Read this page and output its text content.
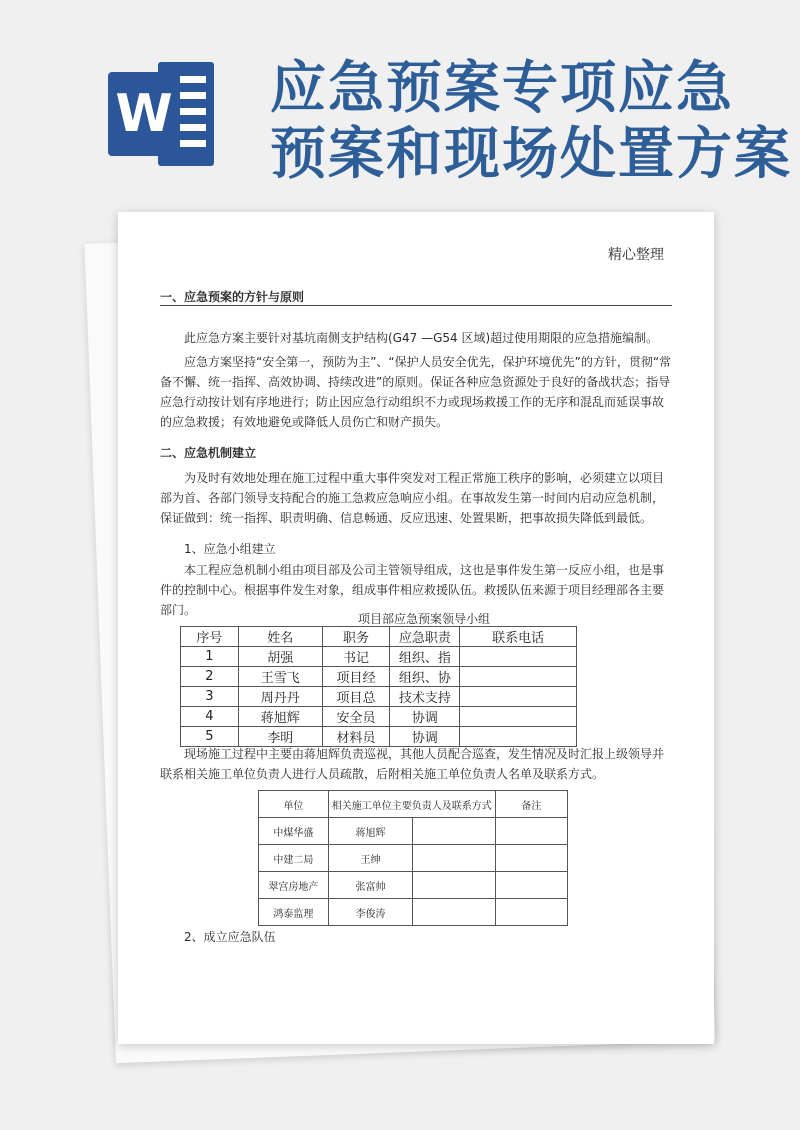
W 应急预案专项应急
预案和现场处置方案
精心整理
一、应急预案的方针与原则
此应急方案主要针对基坑南侧支护结构(G47 —G54 区域)超过使用期限的应急措施编制。
应急方案坚持“安全第一，预防为主”、“保护人员安全优先，保护环境优先”的方针，贯彻“常备不懈、统一指挥、高效协调、持续改进”的原则。保证各种应急资源处于良好的备战状态；指导应急行动按计划有序地进行；防止因应急行动组织不力或现场救援工作的无序和混乱而延误事故的应急救援；有效地避免或降低人员伤亡和财产损失。
二、应急机制建立
为及时有效地处理在施工过程中重大事件突发对工程正常施工秩序的影响，必须建立以项目部为首、各部门领导支持配合的施工急救应急响应小组。在事故发生第一时间内启动应急机制，保证做到：统一指挥、职责明确、信息畅通、反应迅速、处置果断，把事故损失降低到最低。
1、应急小组建立
本工程应急机制小组由项目部及公司主管领导组成，这也是事件发生第一反应小组，也是事件的控制中心。根据事件发生对象，组成事件相应救援队伍。救援队伍来源于项目经理部各主要部门。
项目部应急预案领导小组
序号	姓名	职务	应急职责	联系电话
1	胡强	书记	组织、指	
2	王雪飞	项目经	组织、协	
3	周丹丹	项目总	技术支持	
4	蒋旭辉	安全员	协调	
5	李明	材料员	协调	
现场施工过程中主要由蒋旭辉负责巡视，其他人员配合巡查，发生情况及时汇报上级领导并联系相关施工单位负责人进行人员疏散，后附相关施工单位负责人名单及联系方式。
单位	相关施工单位主要负责人及联系方式		备注
中煤华盛	蒋旭辉		
中建二局	王绅		
翠宫房地产	张富帅		
鸿泰监理	李俊涛		
2、成立应急队伍
